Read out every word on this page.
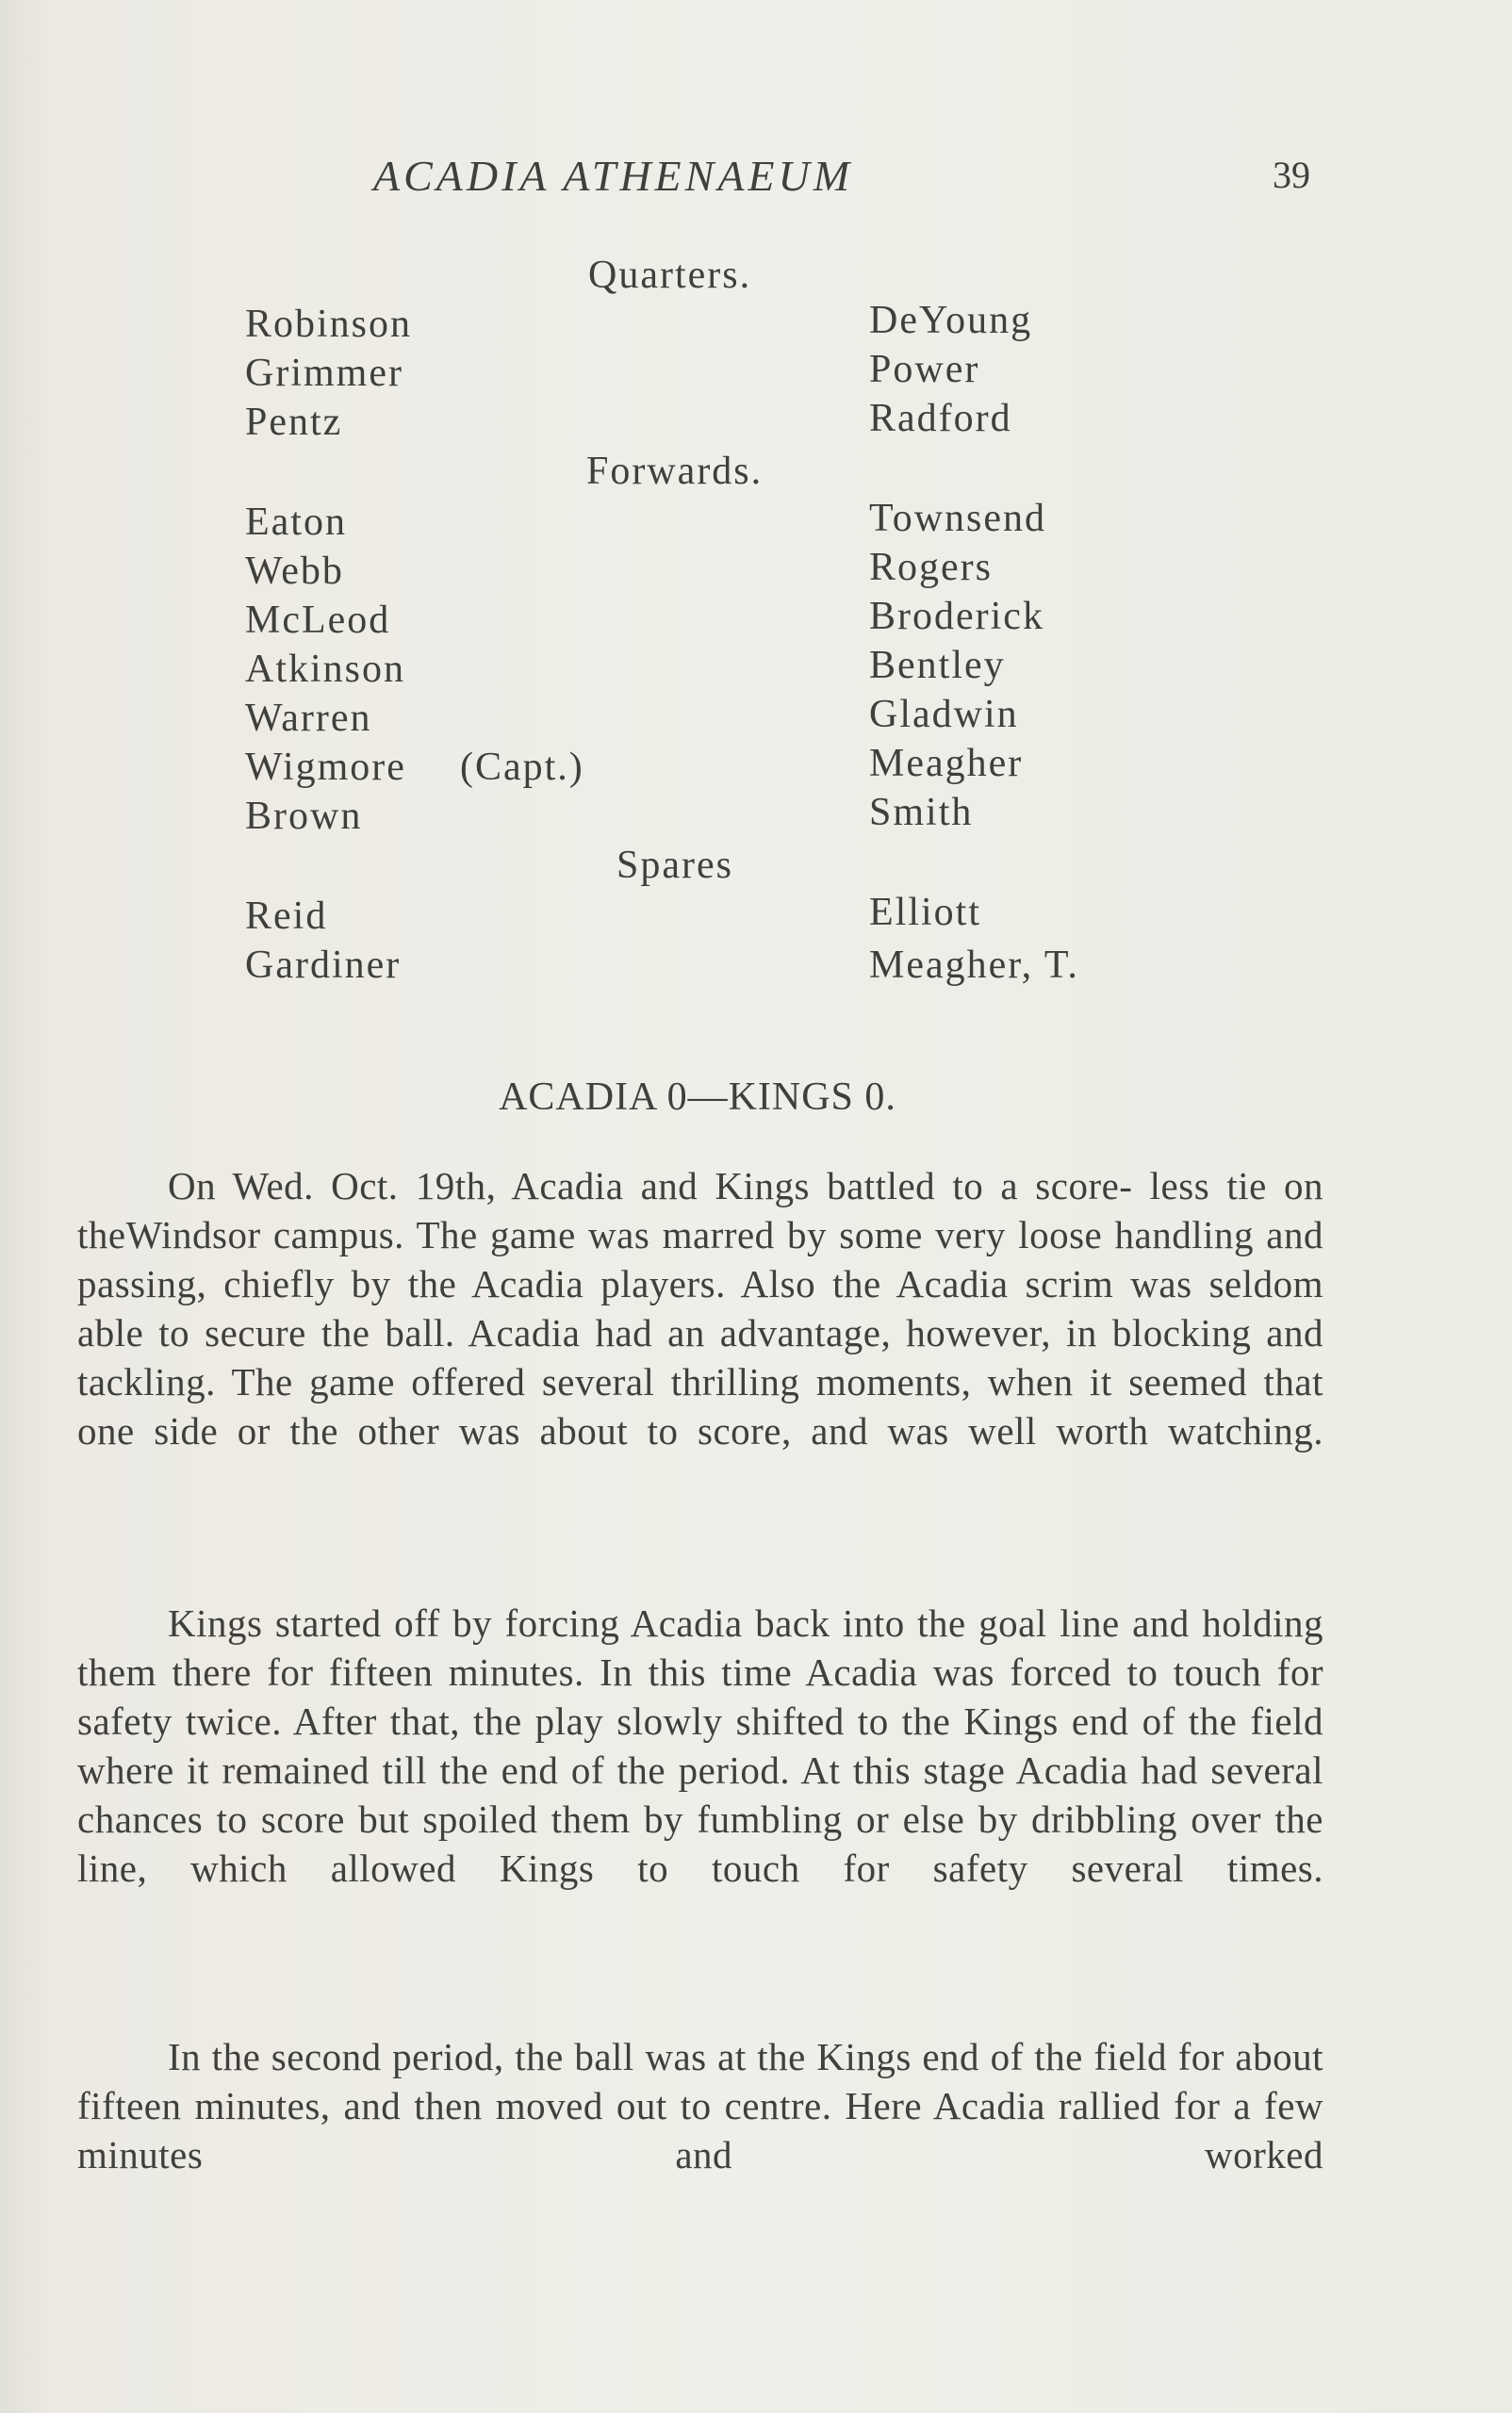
ACADIA ATHENAEUM	39
Quarters.
Robinson	DeYoung
Grimmer	Power
Pentz	Radford
Forwards.
Eaton	Townsend
Webb	Rogers
McLeod	Broderick
Atkinson	Bentley
Warren	Gladwin
Wigmore (Capt.)	Meagher
Brown	Smith
Spares
Reid	Elliott
Gardiner	Meagher, T.
ACADIA 0—KINGS 0.

On Wed. Oct. 19th, Acadia and Kings battled to a score- less tie on theWindsor campus. The game was marred by some very loose handling and passing, chiefly by the Acadia players. Also the Acadia scrim was seldom able to secure the ball. Acadia had an advantage, however, in blocking and tackling. The game offered several thrilling moments, when it seemed that one side or the other was about to score, and was well worth watching.

Kings started off by forcing Acadia back into the goal line and holding them there for fifteen minutes. In this time Acadia was forced to touch for safety twice. After that, the play slowly shifted to the Kings end of the field where it remained till the end of the period. At this stage Acadia had several chances to score but spoiled them by fumbling or else by dribbling over the line, which allowed Kings to touch for safety several times.

In the second period, the ball was at the Kings end of the field for about fifteen minutes, and then moved out to centre. Here Acadia rallied for a few minutes and worked
